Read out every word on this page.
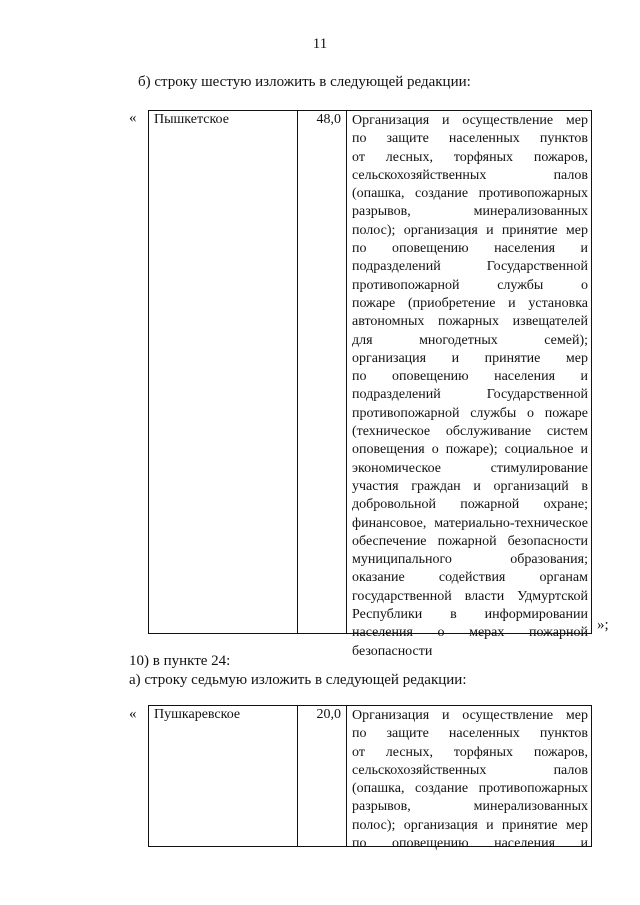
11
б) строку шестую изложить в следующей редакции:
« Пышкетское	48,0 Организация и осуществление мер
по защите населенных пунктов
от лесных, торфяных пожаров,
сельскохозяйственных палов
(опашка, создание противопожарных
разрывов, минерализованных
полос); организация и принятие мер
по оповещению населения и
подразделений Государственной
противопожарной службы о
пожаре (приобретение и установка
автономных пожарных извещателей
для многодетных семей);
организация и принятие мер
по оповещению населения и
подразделений Государственной
противопожарной службы о пожаре
(техническое обслуживание систем
оповещения о пожаре); социальное и
экономическое стимулирование
участия граждан и организаций в
добровольной пожарной охране;
финансовое, материально-техническое
обеспечение пожарной безопасности
муниципального образования;
оказание содействия органам
государственной власти Удмуртской
Республики в информировании
населения о мерах пожарной
безопасности
»;
10) в пункте 24:
а) строку седьмую изложить в следующей редакции:
« Пушкаревское	20,0 Организация и осуществление мер
по защите населенных пунктов
от лесных, торфяных пожаров,
сельскохозяйственных палов
(опашка, создание противопожарных
разрывов, минерализованных
полос); организация и принятие мер
по оповещению населения и
